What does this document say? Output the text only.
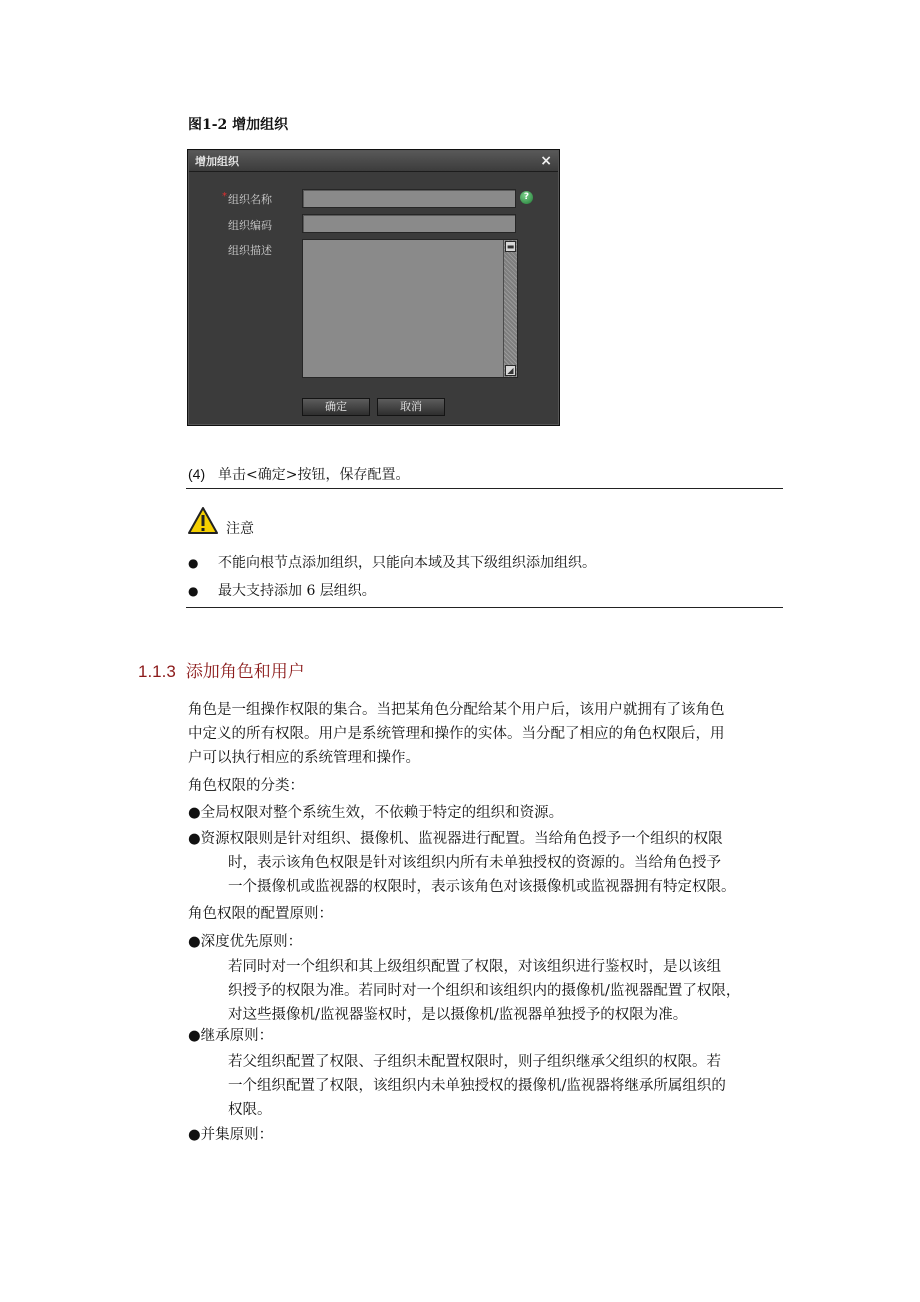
图1-2 增加组织
增加组织	×
* 组织名称	?
组织编码
组织描述	▬
◢
确定	取消
(4) 单击<确定>按钮，保存配置。
注意
● 不能向根节点添加组织，只能向本域及其下级组织添加组织。
● 最大支持添加 6 层组织。
1.1.3 添加角色和用户
角色是一组操作权限的集合。当把某角色分配给某个用户后，该用户就拥有了该角色
中定义的所有权限。用户是系统管理和操作的实体。当分配了相应的角色权限后，用
户可以执行相应的系统管理和操作。
角色权限的分类：
●全局权限对整个系统生效，不依赖于特定的组织和资源。
●资源权限则是针对组织、摄像机、监视器进行配置。当给角色授予一个组织的权限
时，表示该角色权限是针对该组织内所有未单独授权的资源的。当给角色授予
一个摄像机或监视器的权限时，表示该角色对该摄像机或监视器拥有特定权限。
角色权限的配置原则：
●深度优先原则：
若同时对一个组织和其上级组织配置了权限，对该组织进行鉴权时，是以该组
织授予的权限为准。若同时对一个组织和该组织内的摄像机/监视器配置了权限，
对这些摄像机/监视器鉴权时，是以摄像机/监视器单独授予的权限为准。
●继承原则：
若父组织配置了权限、子组织未配置权限时，则子组织继承父组织的权限。若
一个组织配置了权限，该组织内未单独授权的摄像机/监视器将继承所属组织的
权限。
●并集原则：
